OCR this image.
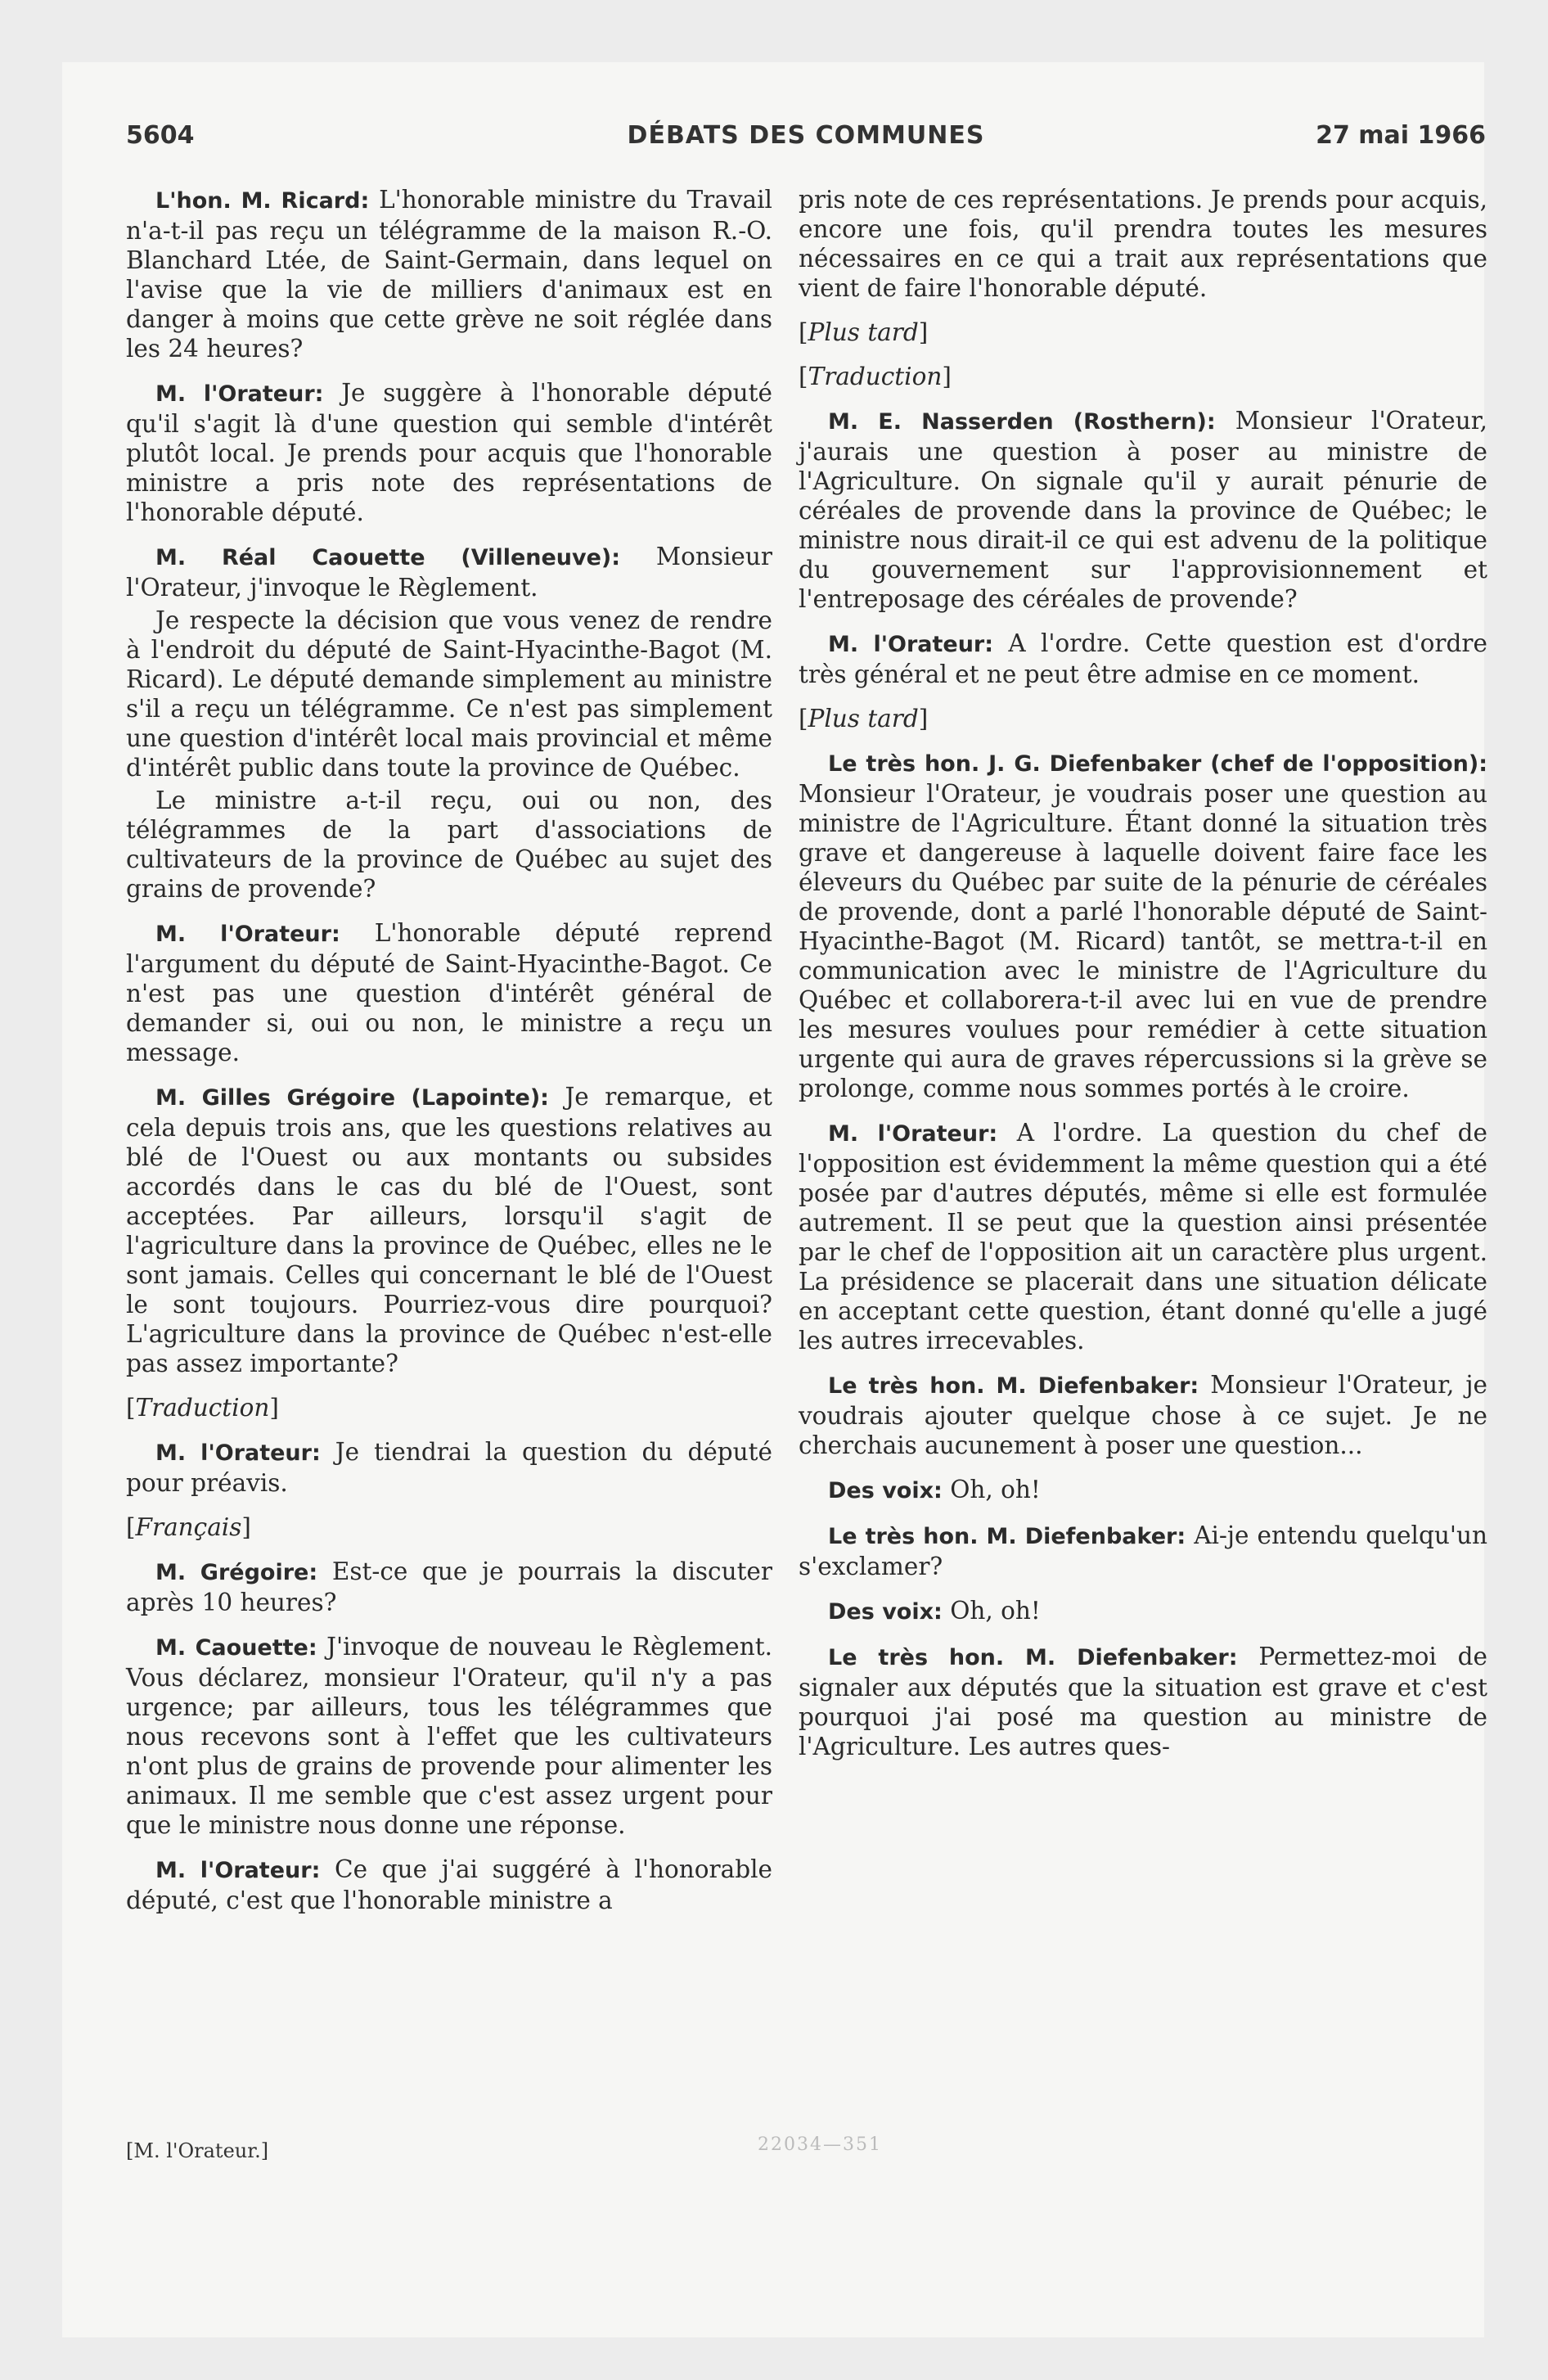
5604	DÉBATS DES COMMUNES	27 mai 1966

L'hon. M. Ricard: L'honorable ministre du Travail n'a-t-il pas reçu un télégramme de la maison R.-O. Blanchard Ltée, de Saint-Germain, dans lequel on l'avise que la vie de milliers d'animaux est en danger à moins que cette grève ne soit réglée dans les 24 heures?

M. l'Orateur: Je suggère à l'honorable député qu'il s'agit là d'une question qui semble d'intérêt plutôt local. Je prends pour acquis que l'honorable ministre a pris note des représentations de l'honorable député.

M. Réal Caouette (Villeneuve): Monsieur l'Orateur, j'invoque le Règlement.

Je respecte la décision que vous venez de rendre à l'endroit du député de Saint-Hyacinthe-Bagot (M. Ricard). Le député demande simplement au ministre s'il a reçu un télégramme. Ce n'est pas simplement une question d'intérêt local mais provincial et même d'intérêt public dans toute la province de Québec.

Le ministre a-t-il reçu, oui ou non, des télégrammes de la part d'associations de cultivateurs de la province de Québec au sujet des grains de provende?

M. l'Orateur: L'honorable député reprend l'argument du député de Saint-Hyacinthe-Bagot. Ce n'est pas une question d'intérêt général de demander si, oui ou non, le ministre a reçu un message.

M. Gilles Grégoire (Lapointe): Je remarque, et cela depuis trois ans, que les questions relatives au blé de l'Ouest ou aux montants ou subsides accordés dans le cas du blé de l'Ouest, sont acceptées. Par ailleurs, lorsqu'il s'agit de l'agriculture dans la province de Québec, elles ne le sont jamais. Celles qui concernant le blé de l'Ouest le sont toujours. Pourriez-vous dire pourquoi? L'agriculture dans la province de Québec n'est-elle pas assez importante?

[Traduction]

M. l'Orateur: Je tiendrai la question du député pour préavis.

[Français]

M. Grégoire: Est-ce que je pourrais la discuter après 10 heures?

M. Caouette: J'invoque de nouveau le Règlement. Vous déclarez, monsieur l'Orateur, qu'il n'y a pas urgence; par ailleurs, tous les télégrammes que nous recevons sont à l'effet que les cultivateurs n'ont plus de grains de provende pour alimenter les animaux. Il me semble que c'est assez urgent pour que le ministre nous donne une réponse.

M. l'Orateur: Ce que j'ai suggéré à l'honorable député, c'est que l'honorable ministre a

pris note de ces représentations. Je prends pour acquis, encore une fois, qu'il prendra toutes les mesures nécessaires en ce qui a trait aux représentations que vient de faire l'honorable député.

[Plus tard]

[Traduction]

M. E. Nasserden (Rosthern): Monsieur l'Orateur, j'aurais une question à poser au ministre de l'Agriculture. On signale qu'il y aurait pénurie de céréales de provende dans la province de Québec; le ministre nous dirait-il ce qui est advenu de la politique du gouvernement sur l'approvisionnement et l'entreposage des céréales de provende?

M. l'Orateur: A l'ordre. Cette question est d'ordre très général et ne peut être admise en ce moment.

[Plus tard]

Le très hon. J. G. Diefenbaker (chef de l'opposition): Monsieur l'Orateur, je voudrais poser une question au ministre de l'Agriculture. Étant donné la situation très grave et dangereuse à laquelle doivent faire face les éleveurs du Québec par suite de la pénurie de céréales de provende, dont a parlé l'honorable député de Saint-Hyacinthe-Bagot (M. Ricard) tantôt, se mettra-t-il en communication avec le ministre de l'Agriculture du Québec et collaborera-t-il avec lui en vue de prendre les mesures voulues pour remédier à cette situation urgente qui aura de graves répercussions si la grève se prolonge, comme nous sommes portés à le croire.

M. l'Orateur: A l'ordre. La question du chef de l'opposition est évidemment la même question qui a été posée par d'autres députés, même si elle est formulée autrement. Il se peut que la question ainsi présentée par le chef de l'opposition ait un caractère plus urgent. La présidence se placerait dans une situation délicate en acceptant cette question, étant donné qu'elle a jugé les autres irrecevables.

Le très hon. M. Diefenbaker: Monsieur l'Orateur, je voudrais ajouter quelque chose à ce sujet. Je ne cherchais aucunement à poser une question...

Des voix: Oh, oh!

Le très hon. M. Diefenbaker: Ai-je entendu quelqu'un s'exclamer?

Des voix: Oh, oh!

Le très hon. M. Diefenbaker: Permettez-moi de signaler aux députés que la situation est grave et c'est pourquoi j'ai posé ma question au ministre de l'Agriculture. Les autres ques-

[M. l'Orateur.]	22034—351
